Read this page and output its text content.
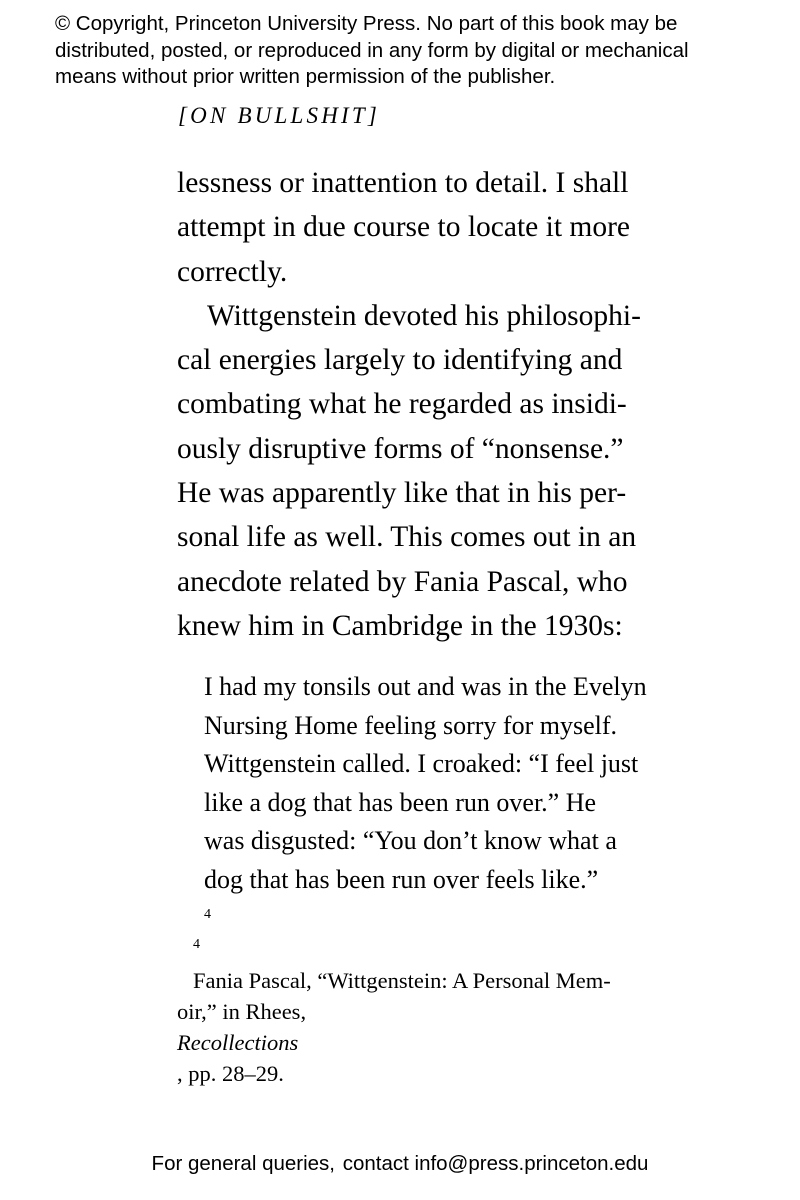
© Copyright, Princeton University Press. No part of this book may be
distributed, posted, or reproduced in any form by digital or mechanical
means without prior written permission of the publisher.
[ON BULLSHIT]
lessness or inattention to detail. I shall
attempt in due course to locate it more
correctly.
Wittgenstein devoted his philosophi-
cal energies largely to identifying and
combating what he regarded as insidi-
ously disruptive forms of “nonsense.”
He was apparently like that in his per-
sonal life as well. This comes out in an
anecdote related by Fania Pascal, who
knew him in Cambridge in the 1930s:
I had my tonsils out and was in the Evelyn
Nursing Home feeling sorry for myself.
Wittgenstein called. I croaked: “I feel just
like a dog that has been run over.” He
was disgusted: “You don’t know what a
dog that has been run over feels like.”
$^4$
$^4$
Fania Pascal, “Wittgenstein: A Personal Mem-
oir,” in Rhees,
Recollections
, pp. 28–29.
For general queries, contact info@press.princeton.edu
